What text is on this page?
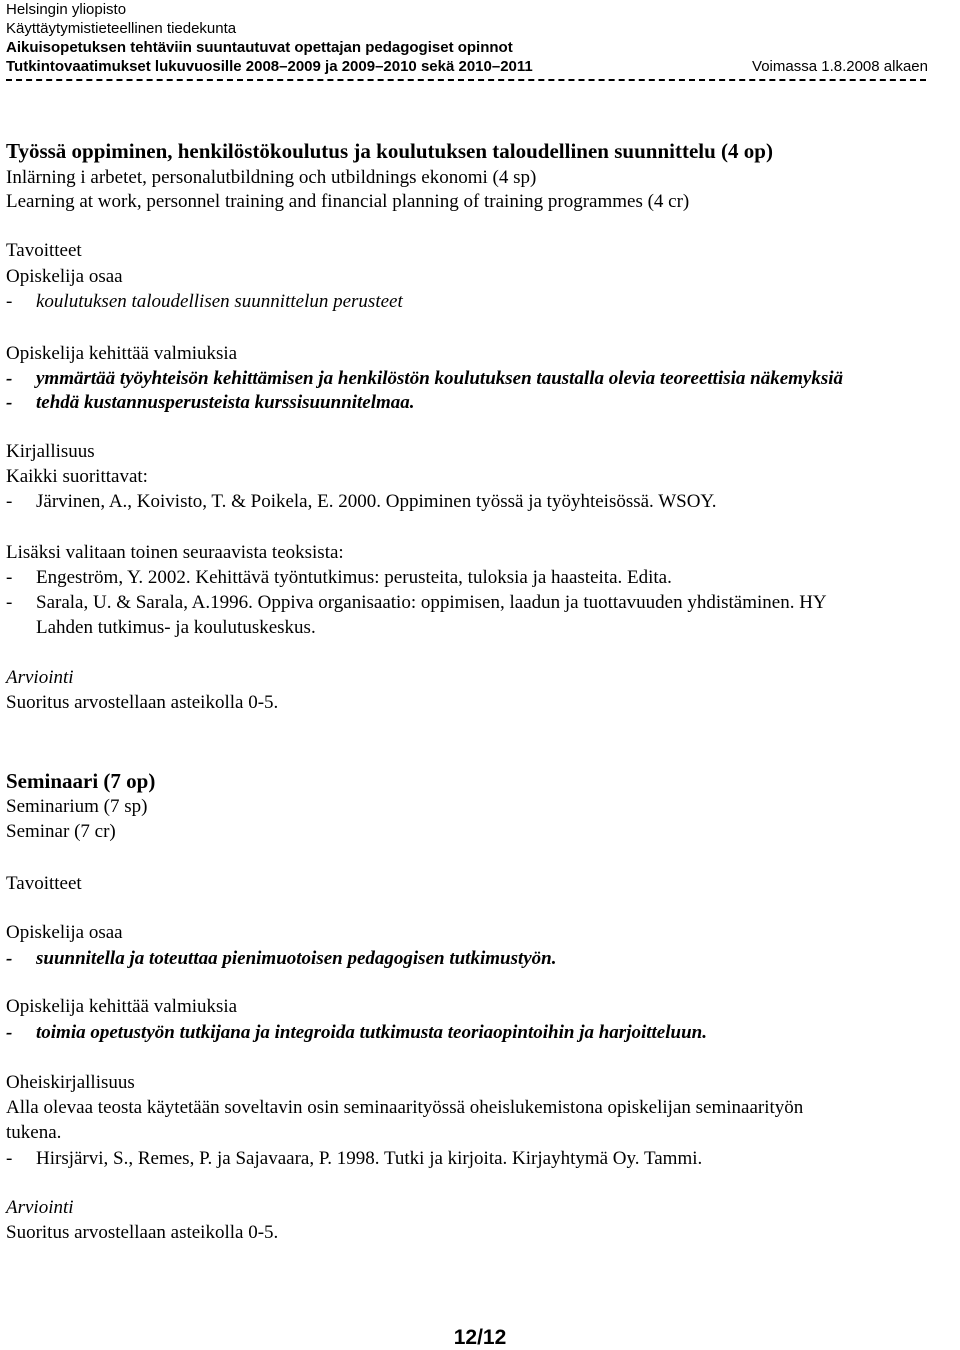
Helsingin yliopisto
Käyttäytymistieteellinen tiedekunta
Aikuisopetuksen tehtäviin suuntautuvat opettajan pedagogiset opinnot
Tutkintovaatimukset lukuvuosille 2008–2009 ja 2009–2010 sekä 2010–2011	Voimassa 1.8.2008 alkaen
Työssä oppiminen, henkilöstökoulutus ja koulutuksen taloudellinen suunnittelu (4 op)
Inlärning i arbetet, personalutbildning och utbildnings ekonomi (4 sp)
Learning at work, personnel training and financial planning of training programmes (4 cr)
Tavoitteet
Opiskelija osaa
- koulutuksen taloudellisen suunnittelun perusteet
Opiskelija kehittää valmiuksia
- ymmärtää työyhteisön kehittämisen ja henkilöstön koulutuksen taustalla olevia teoreettisia näkemyksiä
- tehdä kustannusperusteista kurssisuunnitelmaa.
Kirjallisuus
Kaikki suorittavat:
- Järvinen, A., Koivisto, T. & Poikela, E. 2000. Oppiminen työssä ja työyhteisössä. WSOY.
Lisäksi valitaan toinen seuraavista teoksista:
- Engeström, Y. 2002. Kehittävä työntutkimus: perusteita, tuloksia ja haasteita. Edita.
- Sarala, U. & Sarala, A.1996. Oppiva organisaatio: oppimisen, laadun ja tuottavuuden yhdistäminen. HY
Lahden tutkimus- ja koulutuskeskus.
Arviointi
Suoritus arvostellaan asteikolla 0-5.
Seminaari (7 op)
Seminarium (7 sp)
Seminar (7 cr)
Tavoitteet
Opiskelija osaa
- suunnitella ja toteuttaa pienimuotoisen pedagogisen tutkimustyön.
Opiskelija kehittää valmiuksia
- toimia opetustyön tutkijana ja integroida tutkimusta teoriaopintoihin ja harjoitteluun.
Oheiskirjallisuus
Alla olevaa teosta käytetään soveltavin osin seminaarityössä oheislukemistona opiskelijan seminaarityön
tukena.
- Hirsjärvi, S., Remes, P. ja Sajavaara, P. 1998. Tutki ja kirjoita. Kirjayhtymä Oy. Tammi.
Arviointi
Suoritus arvostellaan asteikolla 0-5.
12/12
